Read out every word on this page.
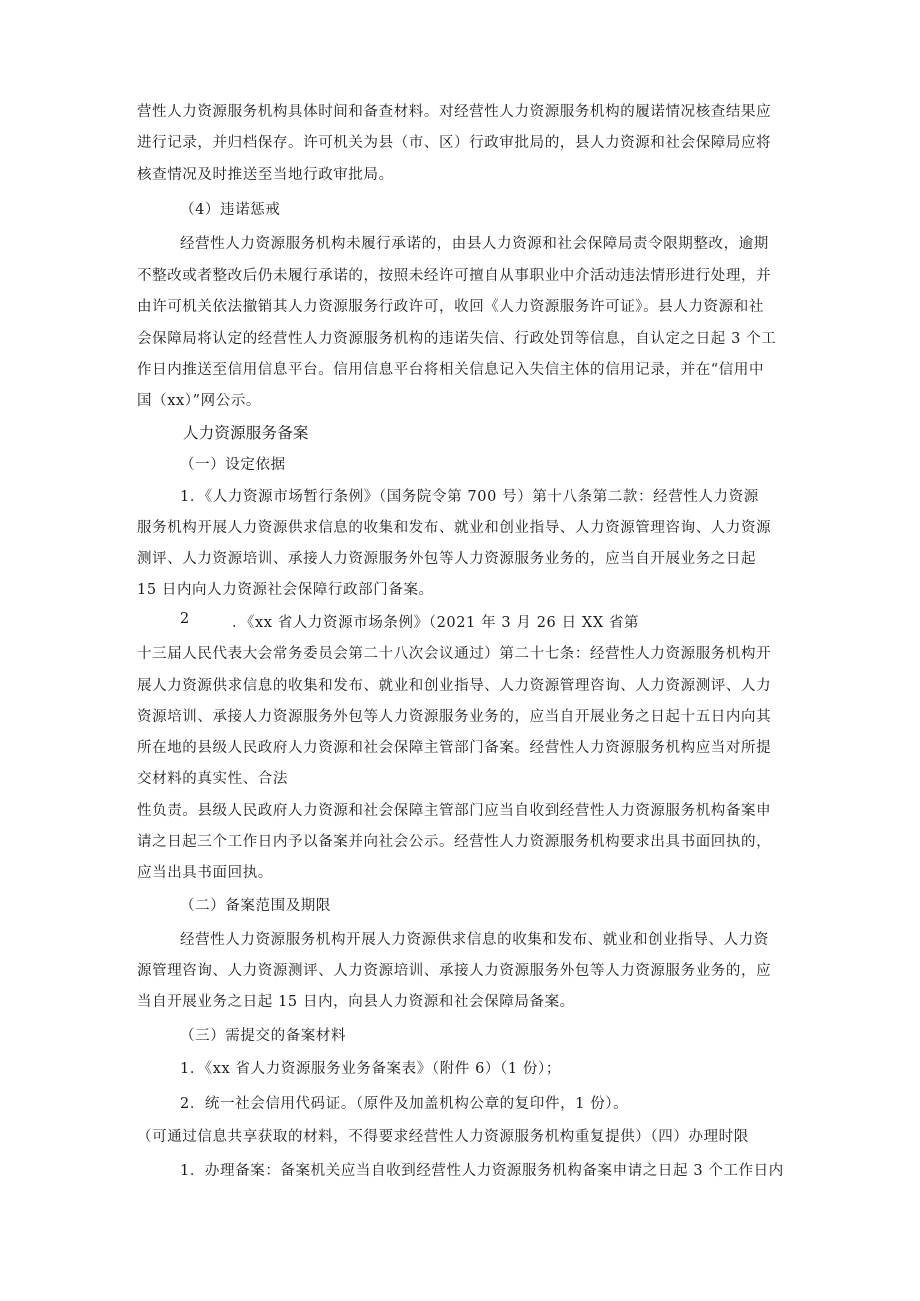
营性人力资源服务机构具体时间和备查材料。对经营性人力资源服务机构的履诺情况核查结果应
进行记录，并归档保存。许可机关为县（市、区）行政审批局的，县人力资源和社会保障局应将
核查情况及时推送至当地行政审批局。
（4）违诺惩戒
经营性人力资源服务机构未履行承诺的，由县人力资源和社会保障局责令限期整改，逾期
不整改或者整改后仍未履行承诺的，按照未经许可擅自从事职业中介活动违法情形进行处理，并
由许可机关依法撤销其人力资源服务行政许可，收回《人力资源服务许可证》。县人力资源和社
会保障局将认定的经营性人力资源服务机构的违诺失信、行政处罚等信息，自认定之日起 3 个工
作日内推送至信用信息平台。信用信息平台将相关信息记入失信主体的信用记录，并在“信用中
国（xx）”网公示。
人力资源服务备案
（一）设定依据
1．《人力资源市场暂行条例》（国务院令第 700 号）第十八条第二款：经营性人力资源
服务机构开展人力资源供求信息的收集和发布、就业和创业指导、人力资源管理咨询、人力资源
测评、人力资源培训、承接人力资源服务外包等人力资源服务业务的，应当自开展业务之日起
15 日内向人力资源社会保障行政部门备案。
2	．《xx 省人力资源市场条例》（2021 年 3 月 26 日 XX 省第
十三届人民代表大会常务委员会第二十八次会议通过）第二十七条：经营性人力资源服务机构开
展人力资源供求信息的收集和发布、就业和创业指导、人力资源管理咨询、人力资源测评、人力
资源培训、承接人力资源服务外包等人力资源服务业务的，应当自开展业务之日起十五日内向其
所在地的县级人民政府人力资源和社会保障主管部门备案。经营性人力资源服务机构应当对所提
交材料的真实性、合法
性负责。县级人民政府人力资源和社会保障主管部门应当自收到经营性人力资源服务机构备案申
请之日起三个工作日内予以备案并向社会公示。经营性人力资源服务机构要求出具书面回执的，
应当出具书面回执。
（二）备案范围及期限
经营性人力资源服务机构开展人力资源供求信息的收集和发布、就业和创业指导、人力资
源管理咨询、人力资源测评、人力资源培训、承接人力资源服务外包等人力资源服务业务的，应
当自开展业务之日起 15 日内，向县人力资源和社会保障局备案。
（三）需提交的备案材料
1．《xx 省人力资源服务业务备案表》（附件 6）（1 份）；
2．统一社会信用代码证。（原件及加盖机构公章的复印件，1 份）。
（可通过信息共享获取的材料，不得要求经营性人力资源服务机构重复提供）（四）办理时限
1．办理备案：备案机关应当自收到经营性人力资源服务机构备案申请之日起 3 个工作日内
